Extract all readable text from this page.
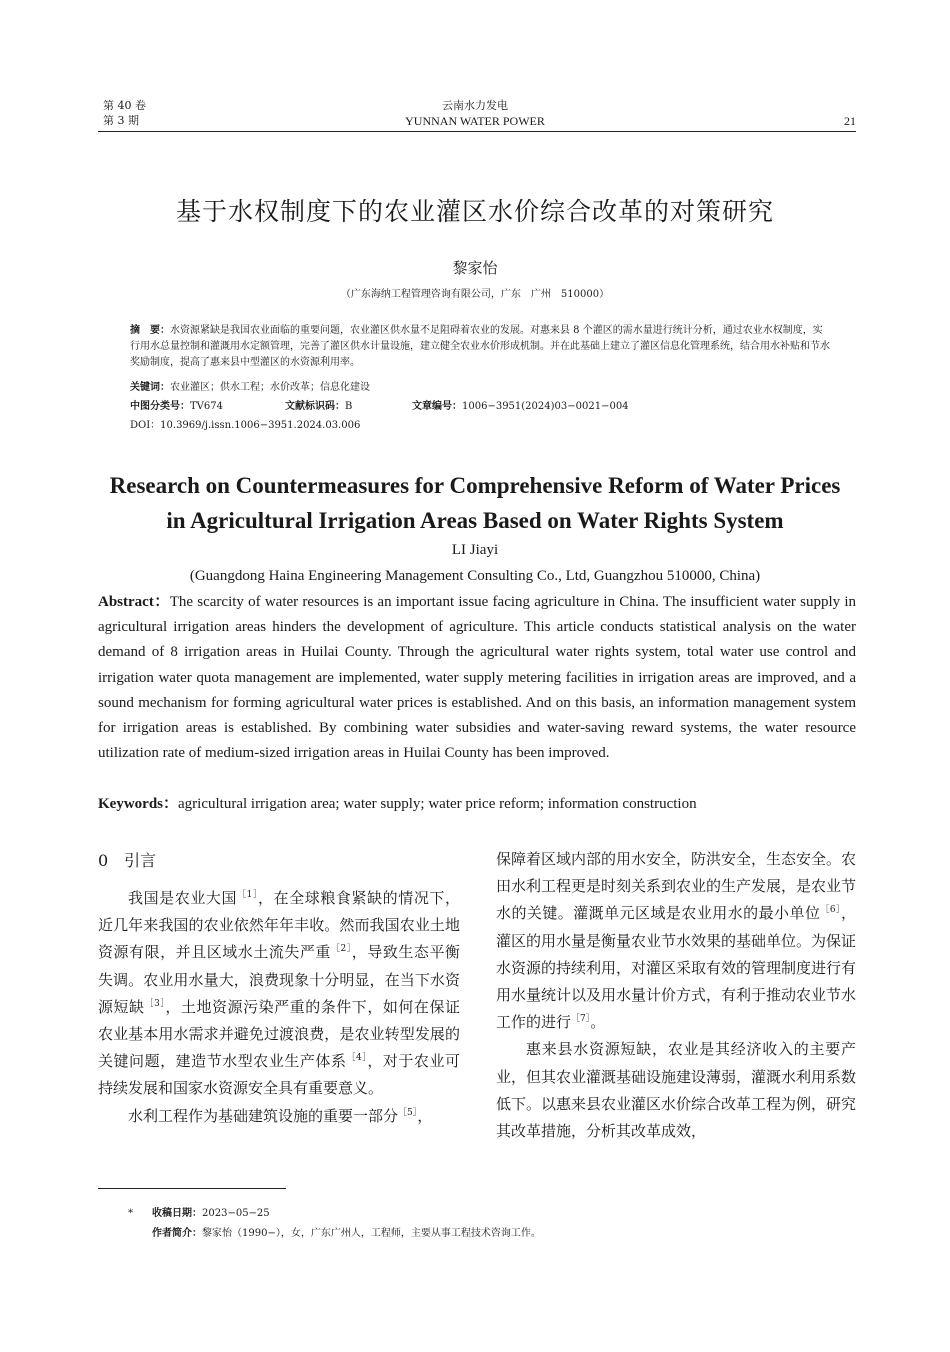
第 40 卷
第 3 期
云南水力发电
YUNNAN WATER POWER	21
基于水权制度下的农业灌区水价综合改革的对策研究
黎家怡
（广东海纳工程管理咨询有限公司，广东　广州　510000）

摘　要：水资源紧缺是我国农业面临的重要问题，农业灌区供水量不足阻碍着农业的发展。对惠来县 8 个灌区的需水量进行统计分析，通过农业水权制度，实行用水总量控制和灌溉用水定额管理，完善了灌区供水计量设施，建立健全农业水价形成机制。并在此基础上建立了灌区信息化管理系统，结合用水补贴和节水奖励制度，提高了惠来县中型灌区的水资源利用率。

关键词：农业灌区；供水工程；水价改革；信息化建设

中图分类号：TV674	文献标识码：B	文章编号：1006−3951(2024)03−0021−004
DOI：10.3969/j.issn.1006−3951.2024.03.006
Research on Countermeasures for Comprehensive Reform of Water Prices
in Agricultural Irrigation Areas Based on Water Rights System
LI Jiayi
(Guangdong Haina Engineering Management Consulting Co., Ltd, Guangzhou 510000, China)
Abstract：The scarcity of water resources is an important issue facing agriculture in China. The insufficient water supply in agricultural irrigation areas hinders the development of agriculture. This article conducts statistical analysis on the water demand of 8 irrigation areas in Huilai County. Through the agricultural water rights system, total water use control and irrigation water quota management are implemented, water supply metering facilities in irrigation areas are improved, and a sound mechanism for forming agricultural water prices is established. And on this basis, an information management system for irrigation areas is established. By combining water subsidies and water-saving reward systems, the water resource utilization rate of medium-sized irrigation areas in Huilai County has been improved.
Keywords：agricultural irrigation area; water supply; water price reform; information construction
0　引言

我国是农业大国$^{[1]}$，在全球粮食紧缺的情况下，近几年来我国的农业依然年年丰收。然而我国农业土地资源有限，并且区域水土流失严重$^{[2]}$，导致生态平衡失调。农业用水量大，浪费现象十分明显，在当下水资源短缺$^{[3]}$，土地资源污染严重的条件下，如何在保证农业基本用水需求并避免过渡浪费，是农业转型发展的关键问题，建造节水型农业生产体系$^{[4]}$，对于农业可持续发展和国家水资源安全具有重要意义。

水利工程作为基础建筑设施的重要一部分$^{[5]}$，

保障着区域内部的用水安全，防洪安全，生态安全。农田水利工程更是时刻关系到农业的生产发展，是农业节水的关键。灌溉单元区域是农业用水的最小单位$^{[6]}$，灌区的用水量是衡量农业节水效果的基础单位。为保证水资源的持续利用，对灌区采取有效的管理制度进行有用水量统计以及用水量计价方式，有利于推动农业节水工作的进行$^{[7]}$。

惠来县水资源短缺，农业是其经济收入的主要产业，但其农业灌溉基础设施建设薄弱，灌溉水利用系数低下。以惠来县农业灌区水价综合改革工程为例，研究其改革措施，分析其改革成效，

* 收稿日期：2023−05−25
作者简介：黎家怡（1990−），女，广东广州人，工程师，主要从事工程技术咨询工作。
